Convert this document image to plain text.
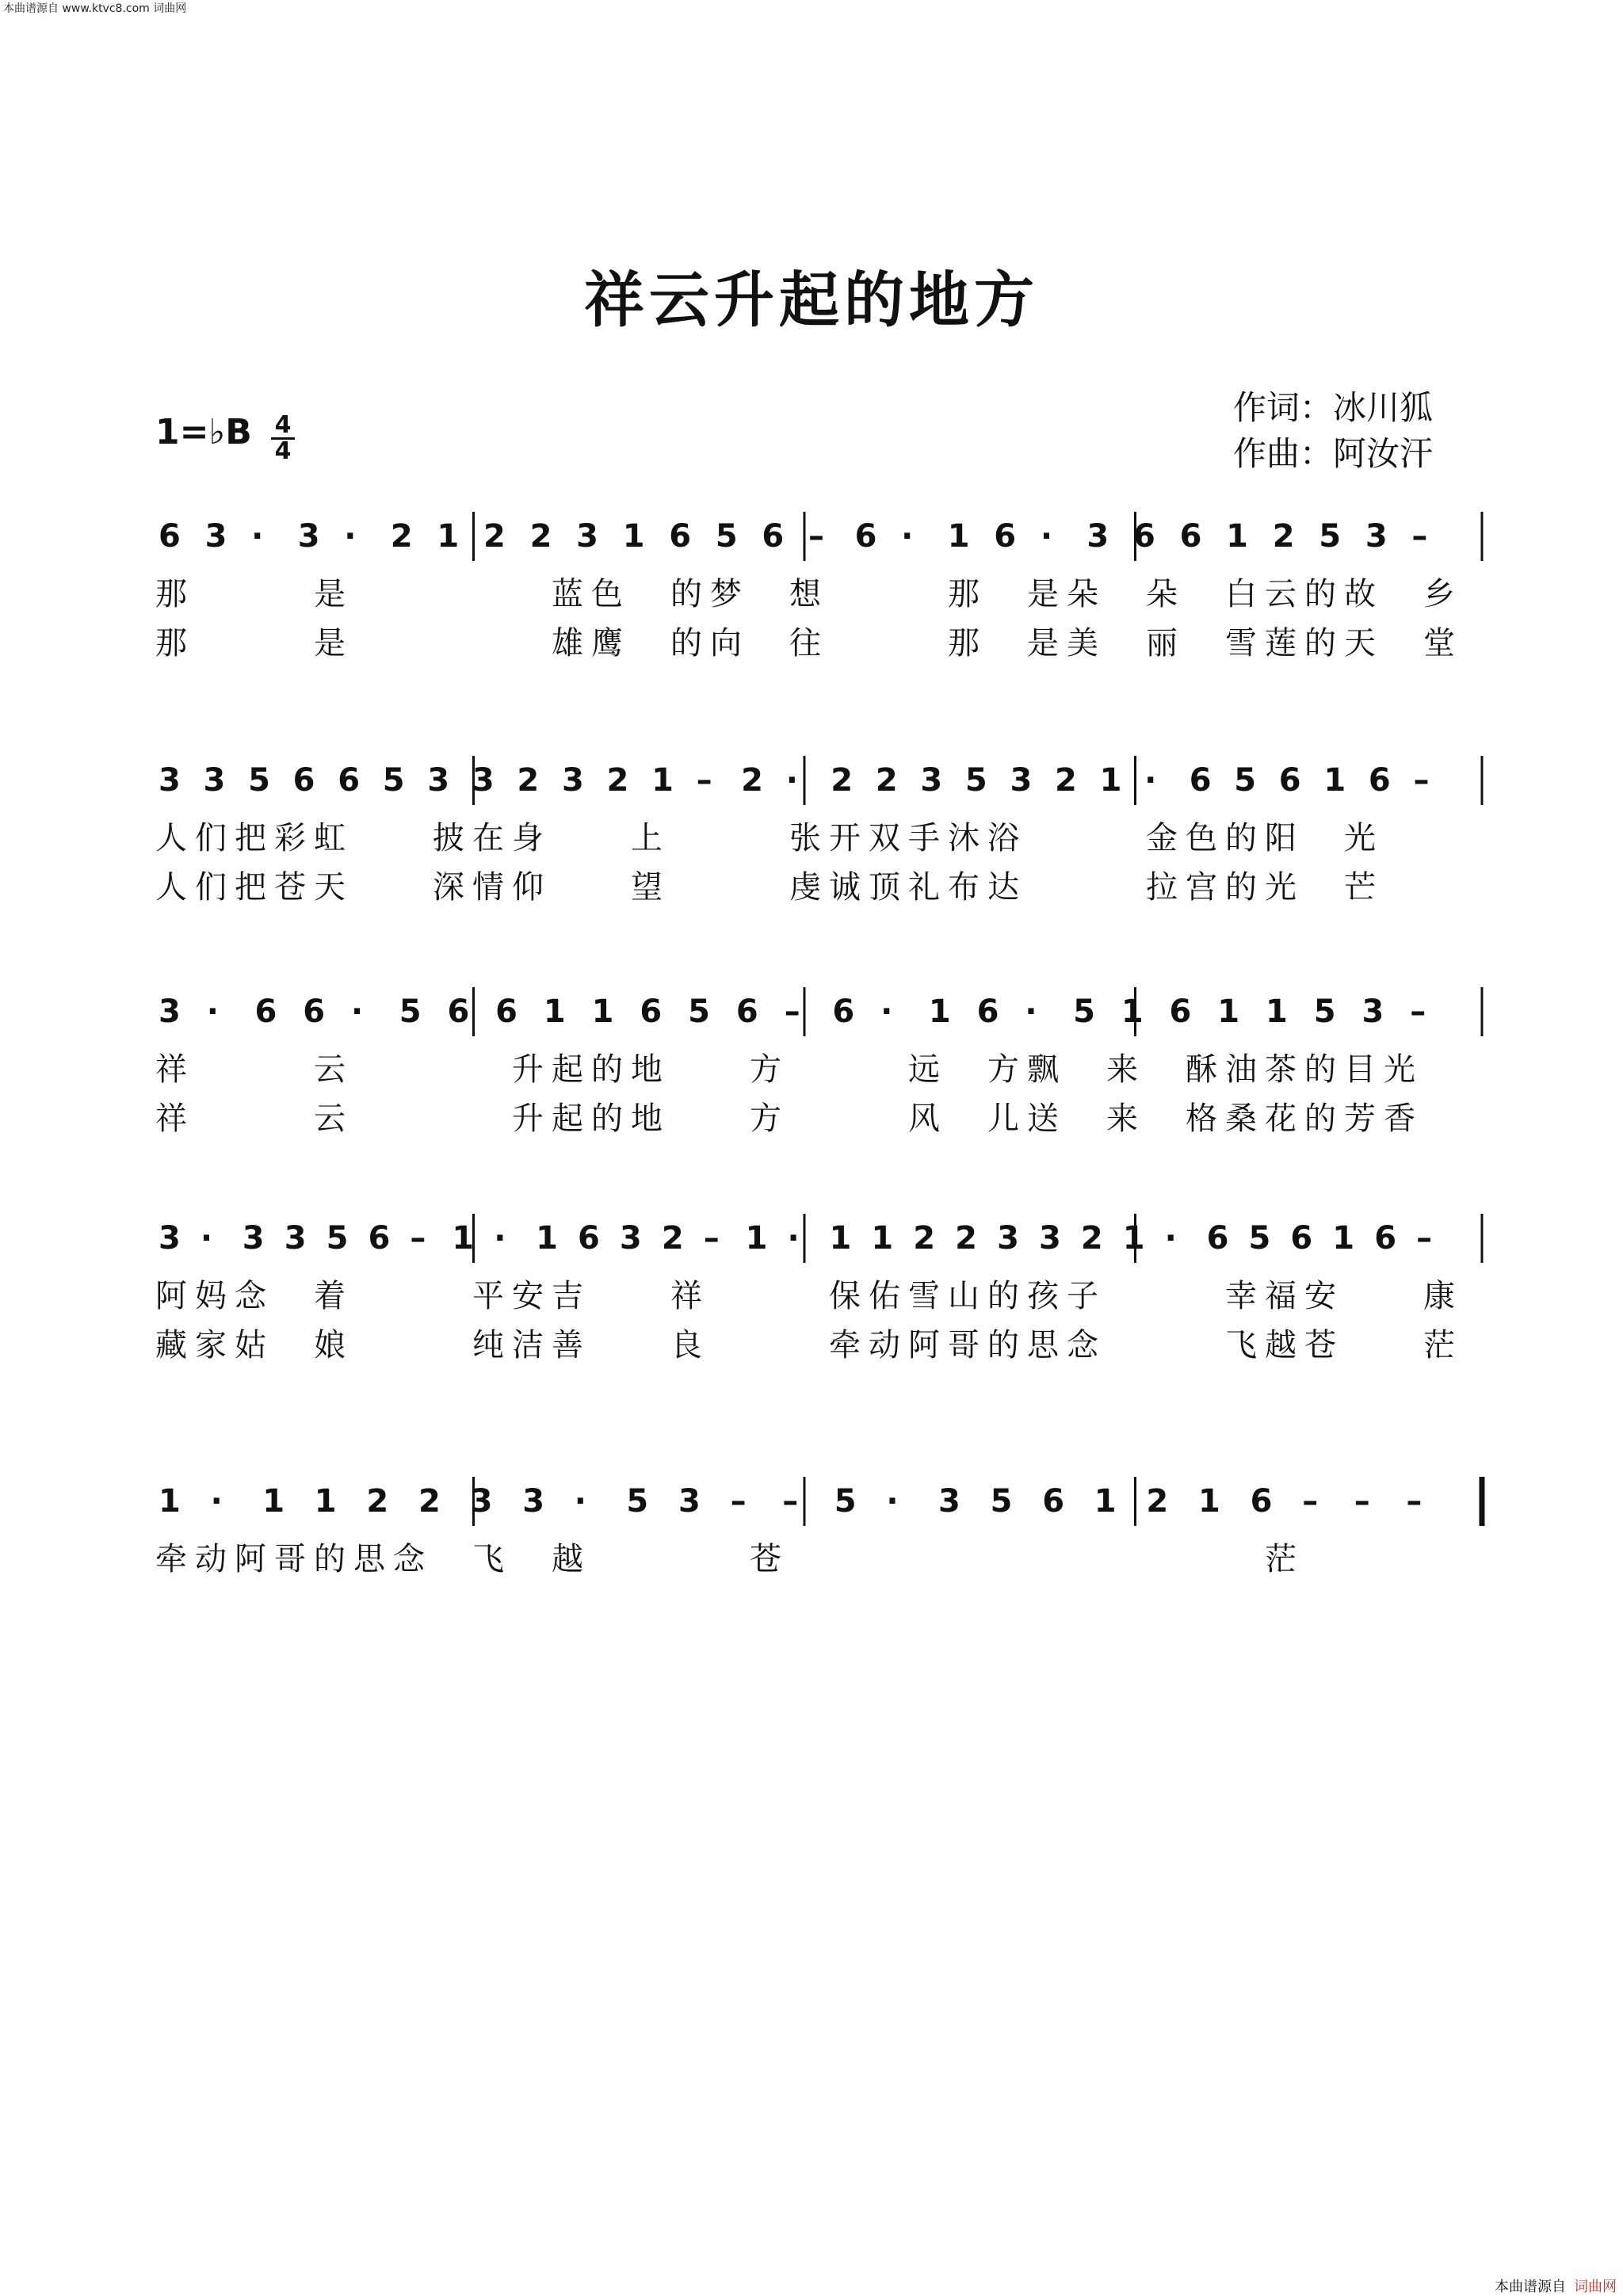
本曲谱源自 www.ktvc8.com 词曲网
祥云升起的地方
1=♭B 4
4
作词：冰川狐
作曲：阿汝汗
6 3 · 3 · 2 1 2 2 3 1 6 5 6 – 6 · 1 6 · 3 6 6 1 2 5 3 –
3 3 5 6 6 5 3 3 2 3 2 1 – 2 · 2 2 3 5 3 2 1 · 6 5 6 1 6 –
3 · 6 6 · 5 6 6 1 1 6 5 6 – 6 · 1 6 · 5 1 6 1 1 5 3 –
3 · 3 3 5 6 – 1 · 1 6 3 2 – 1 · 1 1 2 2 3 3 2 1 · 6 5 6 1 6 –
1 · 1 1 2 2 3 3 · 5 3 – – 5 · 3 5 6 1 2 1 6 – – –
那　　　是　　　　　蓝色　的梦　想　　　那　是朵　朵　白云的故　乡
那　　　是　　　　　雄鹰　的向　往　　　那　是美　丽　雪莲的天　堂
人们把彩虹　　披在身　　上　　　张开双手沐浴　　　金色的阳　光
人们把苍天　　深情仰　　望　　　虔诚顶礼布达　　　拉宫的光　芒
祥　　　云　　　　升起的地　　方　　　远　方飘　来　酥油茶的目光
祥　　　云　　　　升起的地　　方　　　风　儿送　来　格桑花的芳香
阿妈念　着　　　平安吉　　祥　　　保佑雪山的孩子　　　幸福安　　康
藏家姑　娘　　　纯洁善　　良　　　牵动阿哥的思念　　　飞越苍　　茫
牵动阿哥的思念　飞　越　　　　苍　　　　　　　　　　　　茫
本曲谱源自 词曲网
